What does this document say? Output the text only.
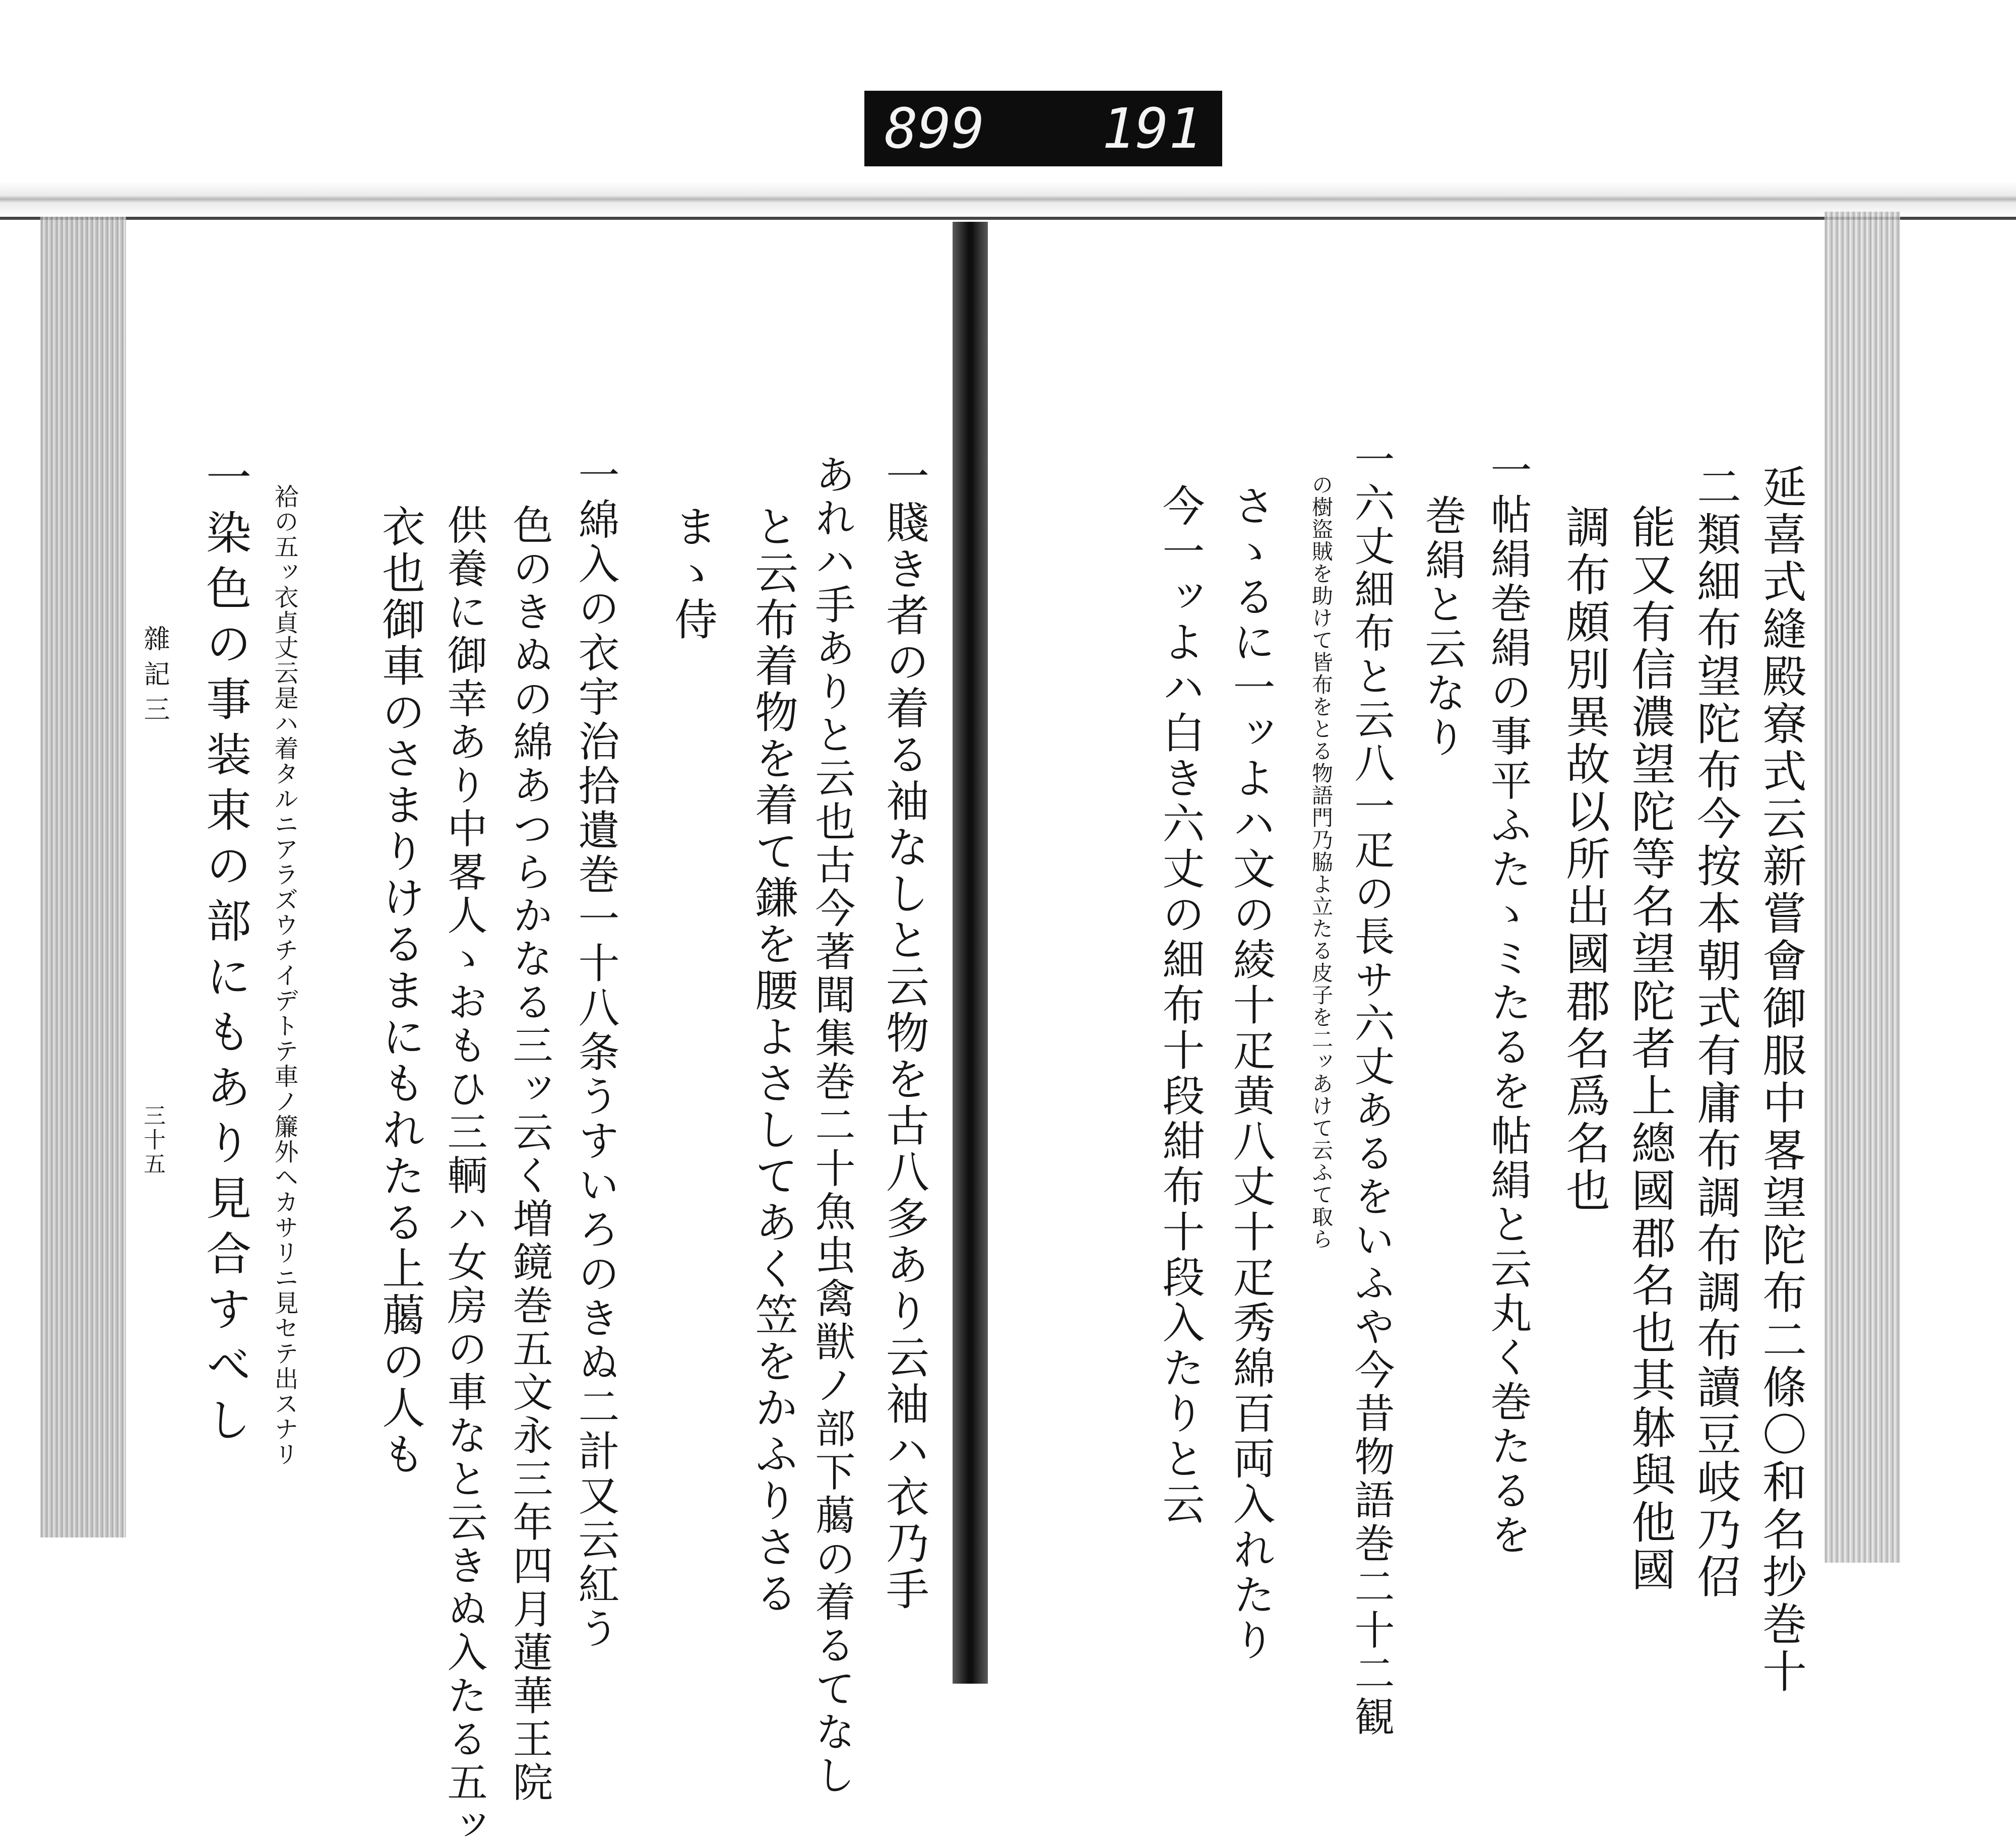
899 191
一賤き者の着る袖なしと云物を古八多あり云袖ハ衣乃手
あれハ手ありと云也古今著聞集巻二十魚虫禽獣ノ部下﨟の着るてなし
と云布着物を着て鎌を腰よさしてあく笠をかふりさる
まゝ侍
一綿入の衣宇治拾遺巻一十八条うすいろのきぬ二計又云紅う
色のきぬの綿あつらかなる三ッ云く増鏡巻五文永三年四月蓮華王院
供養に御幸あり中畧人ゝおもひ三輌ハ女房の車なと云きぬ入たる五ッ
衣也御車のさまりけるまにもれたる上﨟の人も
袷の五ッ衣貞丈云是ハ着タルニアラズウチイデトテ車ノ簾外ヘカサリニ見セテ出スナリ
一染色の事装束の部にもあり見合すべし
雜記三
三十五	延喜式縫殿寮式云新嘗會御服中畧望陀布二條〇和名抄巻十
二類細布望陀布今按本朝式有庸布調布調布讀豆岐乃佋
能又有信濃望陀等名望陀者上總國郡名也其躰與他國
調布頗別異故以所出國郡名爲名也
一帖絹巻絹の事平ふたゝミたるを帖絹と云丸く巻たるを
巻絹と云なり
一六丈細布と云八一疋の長サ六丈あるをいふや今昔物語巻二十二観
の樹盜賊を助けて皆布をとる物語門乃脇よ立たる皮子を二ッあけて云ふて取ら
さゝるに一ッよハ文の綾十疋黄八丈十疋秀綿百両入れたり
今一ッよハ白き六丈の細布十段紺布十段入たりと云
